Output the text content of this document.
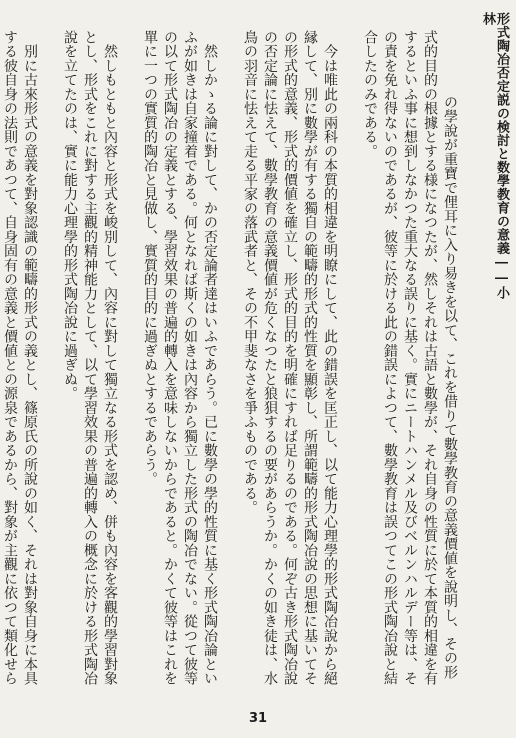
形式陶冶否定説の検討と数學教育の意義――小林

の學說が重寶で俚耳に入り易きを以て、これを借りて數學教育の意義價値を說明し、その形式的目的の根據とする様になつたが、然しそれは古語と數學が、それ自身の性質に於て本質的相違を有するといふ事に想到しなかつた重大なる誤りに基く。實にニートハンメル及びベルンハルデー等は、その責を免れ得ないのであるが、彼等に於ける此の錯誤によつて、數學教育は誤つてこの形式陶冶說と結合したのみである。

　今は唯此の兩科の本質的相違を明瞭にして、此の錯誤を匡正し、以て能力心理學的形式陶冶說から絕縁して、別に數學が有する獨自の範疇的形式的性質を顯彰し、所謂範疇的形式陶冶說の思想に基いてその形式的意義、形式的價値を確立し、形式的目的を明確にすれば足りるのである。何ぞ古き形式陶冶說の否定論に怯えて、數學教育の意義價値が危くなつたと狼狽するの要があらうか。かくの如き徒は、水鳥の羽音に怯えて走る平家の落武者と、その不甲斐なさを爭ふものである。

　然しかゝる論に對して、かの否定論者達はいふであらう。已に數學の學的性質に基く形式陶冶論といふが如きは自家撞着である。何となれば斯くの如きは內容から獨立した形式の陶冶でない。從つて彼等の以て形式陶冶の定義とする、學習效果の普遍的轉入を意味しないからであると。かくて彼等はこれを單に一つの實質的陶冶と見做し、實質的目的に過ぎぬとするであらう。

　然しもともと內容と形式を峻別して、內容に對して獨立なる形式を認め、併も內容を客觀的學習對象とし、形式をこれに對する主觀的精神能力として、以て學習效果の普遍的轉入の概念に於ける形式陶冶說を立てたのは、實に能力心理學的形式陶冶說に過ぎぬ。

　別に古來形式の意義を對象認識の範疇的形式の義とし、篠原氏の所說の如く、それは對象自身に本具する彼自身の法則であつて、自身固有の意義と價値との源泉であるから、對象が主觀に依つて類化せら

31
